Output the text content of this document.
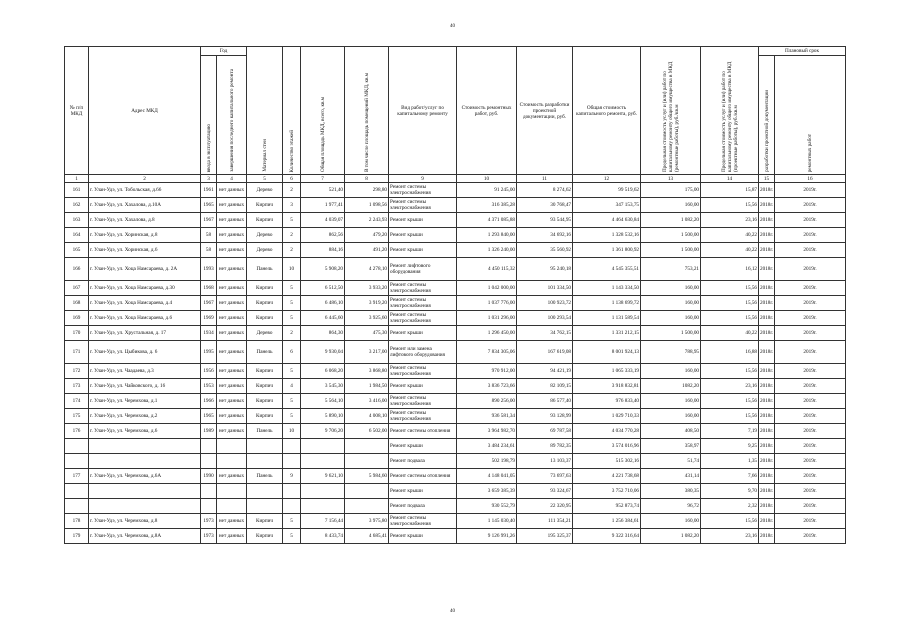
40
№ п/п МКД	Адрес МКД	Год		Материал стен	Количество этажей	Общая площадь МКД, всего, кв.м	В том числе площадь помещений МКД, кв.м	Вид работ/услуг по капитальному ремонту	Стоимость ремонтных работ, руб.	Стоимость разработки проектной документации, руб.	Общая стоимость капитального ремонта, руб.	Предельная стоимость услуг и (или) работ по капитальному ремонту общего имущества в МКД (ремонтные работы), руб./кв.м	Предельная стоимость услуг и (или) работ по капитальному ремонту общего имущества в МКД (проектные работы), руб./кв.м	Плановый срок	
		ввода в эксплуатацию	завершения последнего капитального ремонта											разработки проектной документации	ремонтных работ
1	2	3	4	5	6	7	8	9	10	11	12	13	14	15	16
161	г. Улан-Удэ, ул. Тобольская, д.66	1961	нет данных	Дерево	2	521,40	298,80	Ремонт системы электроснабжения	91 245,00	8 274,62	99 519,62	175,00	15,87	2018г.	2019г.
162	г. Улан-Удэ, ул. Хахалова, д.10А	1965	нет данных	Кирпич	3	1 977,41	1 098,56	Ремонт системы электроснабжения	316 385,28	30 768,47	347 153,75	160,00	15,56	2018г.	2019г.
163	г. Улан-Удэ, ул. Хахалова, д.8	1967	нет данных	Кирпич	5	4 039,07	2 243,93	Ремонт крыши	4 371 085,88	93 544,95	4 464 630,84	1 082,20	23,16	2018г.	2019г.
164	г. Улан-Удэ, ул. Хоринская, д.8	58	нет данных	Дерево	2	862,56	479,20	Ремонт крыши	1 293 840,00	34 692,16	1 328 532,16	1 500,00	40,22	2018г.	2019г.
165	г. Улан-Удэ, ул. Хоринская, д.6	58	нет данных	Дерево	2	884,16	491,20	Ремонт крыши	1 326 240,00	35 560,92	1 361 800,92	1 500,00	40,22	2018г.	2019г.
166	г. Улан-Удэ, ул. Хоца Намсараева, д. 2А	1993	нет данных	Панель	10	5 908,20	4 278,10	Ремонт лифтового оборудования	4 450 115,32	95 240,18	4 545 355,51	753,21	16,12	2018г.	2019г.
167	г. Улан-Удэ, ул. Хоца Намсараева, д.30	1968	нет данных	Кирпич	5	6 512,50	3 933,20	Ремонт системы электроснабжения	1 042 000,00	101 334,50	1 143 334,50	160,00	15,56	2018г.	2019г.
168	г. Улан-Удэ, ул. Хоца Намсараева, д.4	1967	нет данных	Кирпич	5	6 486,10	3 919,20	Ремонт системы электроснабжения	1 037 776,00	100 923,72	1 138 699,72	160,00	15,56	2018г.	2019г.
169	г. Улан-Удэ, ул. Хоца Намсараева, д.6	1969	нет данных	Кирпич	5	6 445,60	3 925,60	Ремонт системы электроснабжения	1 031 296,00	100 293,54	1 131 589,54	160,00	15,56	2018г.	2019г.
170	г. Улан-Удэ, ул. Хрустальная, д. 17	1934	нет данных	Дерево	2	864,30	475,30	Ремонт крыши	1 296 450,00	34 762,15	1 331 212,15	1 500,00	40,22	2018г.	2019г.
171	г. Улан-Удэ, ул. Цыбикова, д. 6	1995	нет данных	Панель	6	9 930,04	3 217,00	Ремонт или замена лифтового оборудования	7 834 305,06	167 619,08	8 001 924,13	788,95	16,88	2018г.	2019г.
172	г. Улан-Удэ, ул. Чаадаева, д.3	1956	нет данных	Кирпич	5	6 068,20	3 868,80	Ремонт системы электроснабжения	970 912,00	94 421,19	1 065 333,19	160,00	15,56	2018г.	2019г.
173	г. Улан-Удэ, ул. Чайковского, д. 16	1953	нет данных	Кирпич	4	3 545,30	1 984,50	Ремонт крыши	3 836 723,66	82 109,15	3 918 832,81	1082,20	23,16	2018г.	2019г.
174	г. Улан-Удэ, ул. Черемхова, д.1	1966	нет данных	Кирпич	5	5 564,10	3 416,00	Ремонт системы электроснабжения	890 256,00	86 577,40	976 833,40	160,00	15,56	2018г.	2019г.
175	г. Улан-Удэ, ул. Черемхова, д.2	1965	нет данных	Кирпич	5	5 890,10	4 008,10	Ремонт системы электроснабжения	936 581,34	93 128,99	1 029 710,33	160,00	15,56	2018г.	2019г.
176	г. Улан-Удэ, ул. Черемхова, д.6	1989	нет данных	Панель	10	9 706,20	6 502,00	Ремонт системы отопления	3 964 982,70	69 787,58	4 034 770,28	408,50	7,19	2018г.	2019г.
								Ремонт крыши	3 484 234,61	89 782,35	3 574 016,96	358,97	9,25	2018г.	2019г.
								Ремонт подвала	502 198,79	13 103,37	515 302,16	51,74	1,35	2018г.	2019г.
177	г. Улан-Удэ, ул. Черемхова, д.6А	1990	нет данных	Панель	9	9 621,10	5 984,60	Ремонт системы отопления	4 148 041,05	73 697,63	4 221 738,68	431,14	7,66	2018г.	2019г.
								Ремонт крыши	3 659 385,39	93 324,67	3 752 710,06	380,35	9,70	2018г.	2019г.
								Ремонт подвала	930 552,79	22 320,95	952 873,74	96,72	2,32	2018г.	2019г.
178	г. Улан-Удэ, ул. Черемхова, д.8	1973	нет данных	Кирпич	5	7 156,44	3 975,80	Ремонт системы электроснабжения	1 145 030,40	111 354,21	1 256 384,61	160,00	15,56	2018г.	2019г.
179	г. Улан-Удэ, ул. Черемхова, д.8А	1973	нет данных	Кирпич	5	8 433,74	4 685,41	Ремонт крыши	9 126 991,26	195 325,37	9 322 316,64	1 082,20	23,16	2018г.	2019г.
40
